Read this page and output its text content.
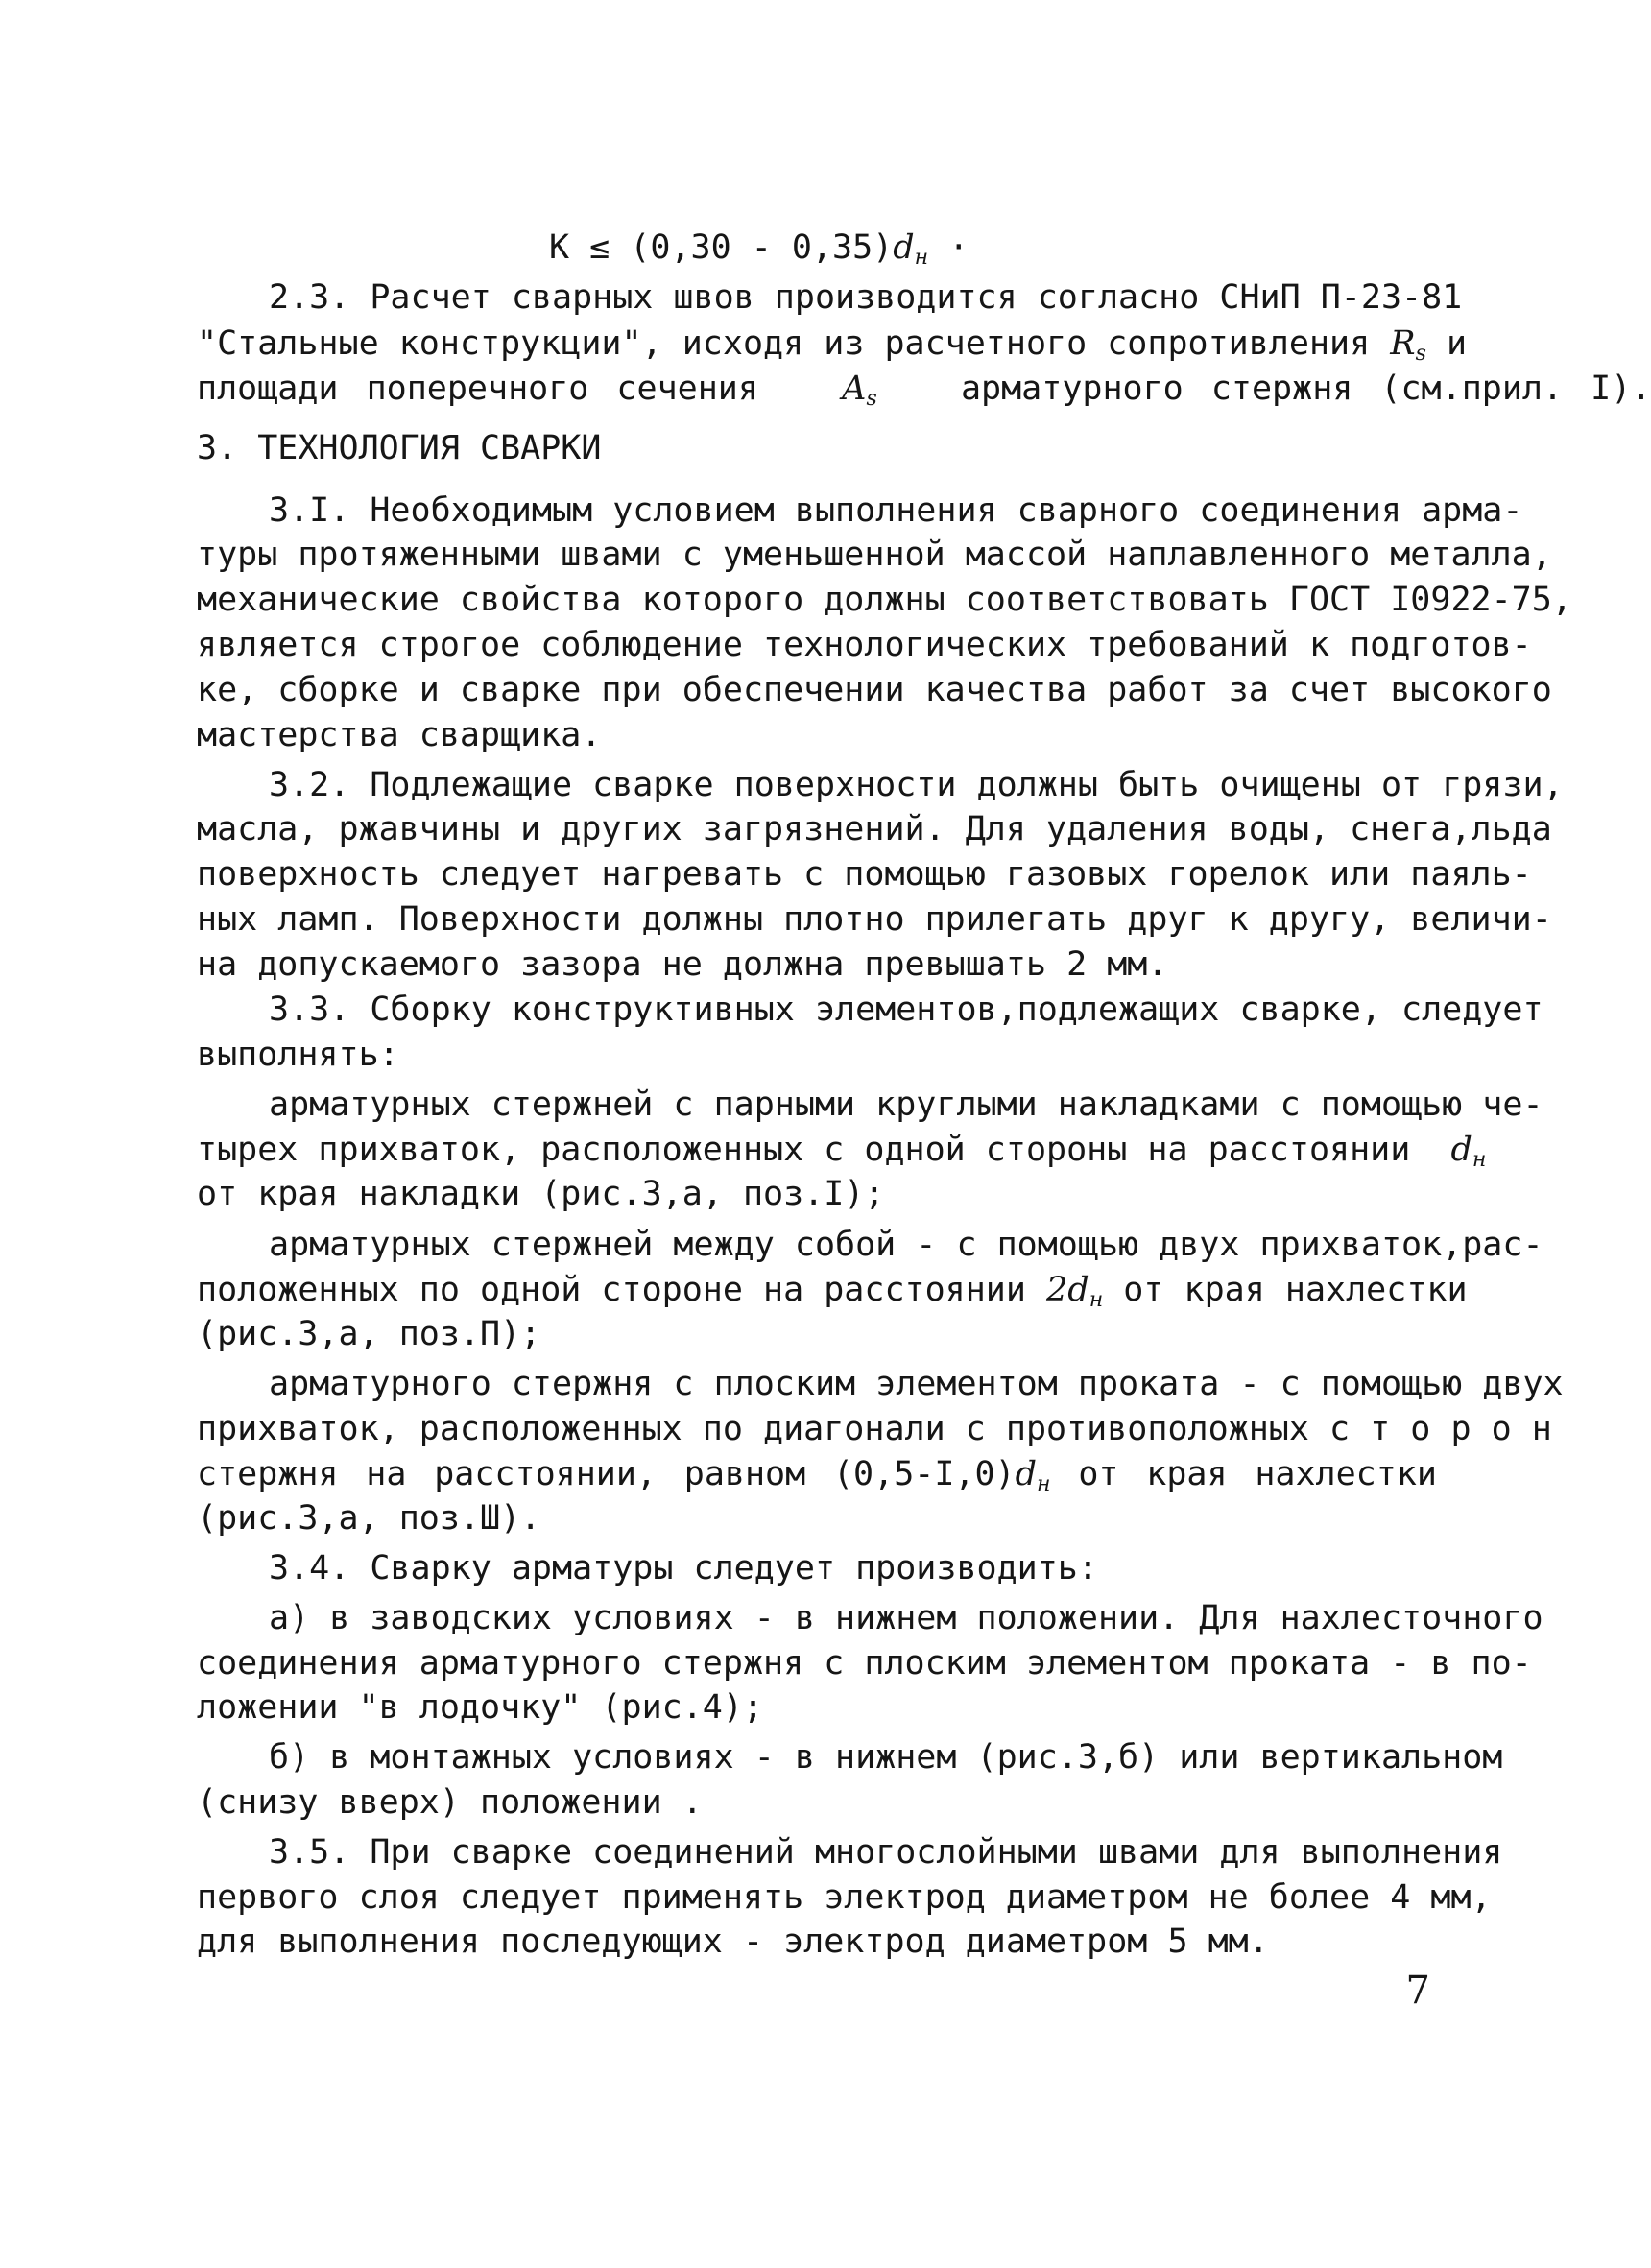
$К \le (0,30 - 0,35)d_н$ ·
2.3. Расчет сварных швов производится согласно СНиП П-23-81
"Стальные конструкции", исходя из расчетного сопротивления $R_s$ и
площади поперечного сечения $A_s$ арматурного стержня (см.прил. I).
3. ТЕХНОЛОГИЯ СВАРКИ
3.I. Необходимым условием выполнения сварного соединения арма-
туры протяженными швами с уменьшенной массой наплавленного металла,
механические свойства которого должны соответствовать ГОСТ I0922-75,
является строгое соблюдение технологических требований к подготов-
ке, сборке и сварке при обеспечении качества работ за счет высокого
мастерства сварщика.
3.2. Подлежащие сварке поверхности должны быть очищены от грязи,
масла, ржавчины и других загрязнений. Для удаления воды, снега,льда
поверхность следует нагревать с помощью газовых горелок или паяль-
ных ламп. Поверхности должны плотно прилегать друг к другу, величи-
на допускаемого зазора не должна превышать 2 мм.
3.3. Сборку конструктивных элементов,подлежащих сварке, следует
выполнять:
арматурных стержней с парными круглыми накладками с помощью че-
тырех прихваток, расположенных с одной стороны на расстоянии $d_н$
от края накладки (рис.3,а, поз.I);
арматурных стержней между собой - с помощью двух прихваток,рас-
положенных по одной стороне на расстоянии $2d_н$ от края нахлестки
(рис.3,а, поз.П);
арматурного стержня с плоским элементом проката - с помощью двух
прихваток, расположенных по диагонали с противоположных с т о р о н
стержня на расстоянии, равном $(0,5-I,0)d_н$ от края нахлестки
(рис.3,а, поз.Ш).
3.4. Сварку арматуры следует производить:
а) в заводских условиях - в нижнем положении. Для нахлесточного
соединения арматурного стержня с плоским элементом проката - в по-
ложении "в лодочку" (рис.4);
б) в монтажных условиях - в нижнем (рис.3,б) или вертикальном
(снизу вверх) положении .
3.5. При сварке соединений многослойными швами для выполнения
первого слоя следует применять электрод диаметром не более 4 мм,
для выполнения последующих - электрод диаметром 5 мм.
7
